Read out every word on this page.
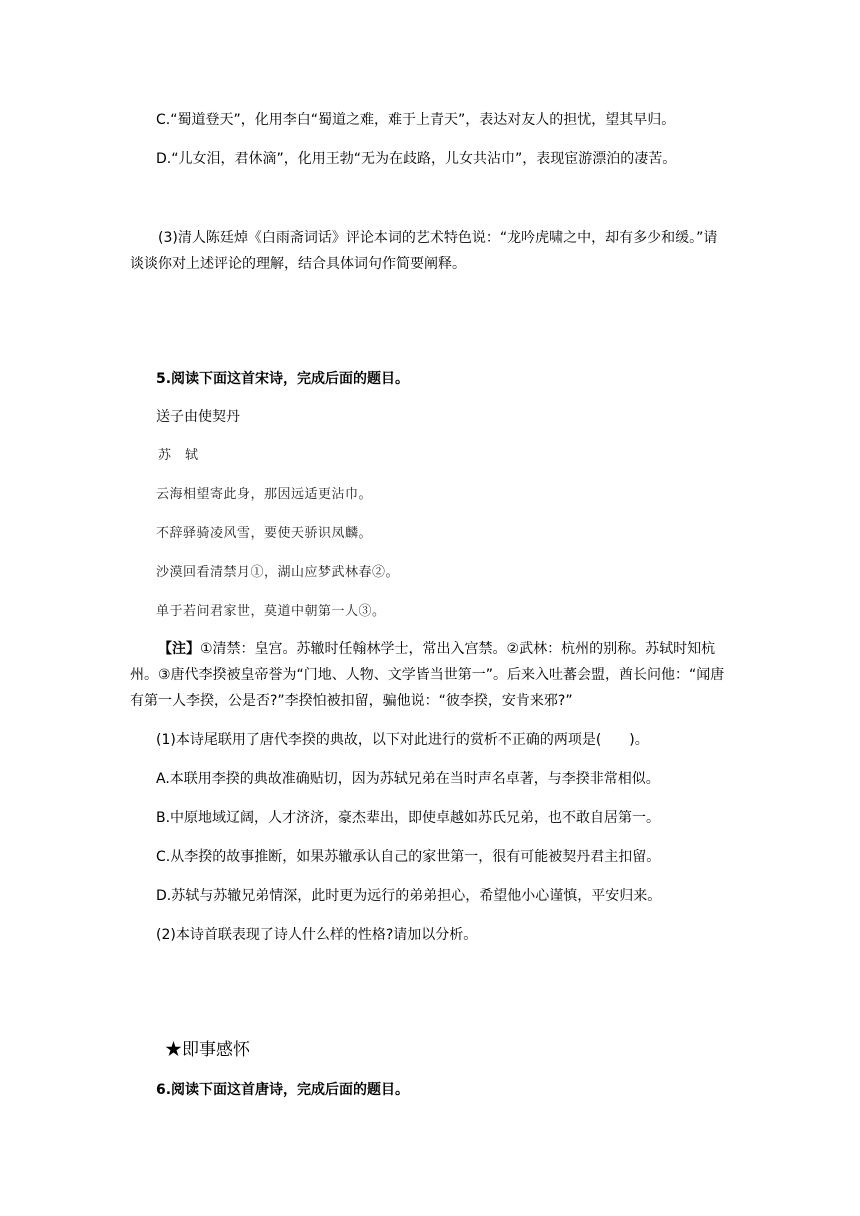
C.“蜀道登天”，化用李白“蜀道之难，难于上青天”，表达对友人的担忧，望其早归。
D.“儿女泪，君休滴”，化用王勃“无为在歧路，儿女共沾巾”，表现宦游漂泊的凄苦。
(3)清人陈廷焯《白雨斋词话》评论本词的艺术特色说：“龙吟虎啸之中，却有多少和缓。”请谈谈你对上述评论的理解，结合具体词句作简要阐释。
5.阅读下面这首宋诗，完成后面的题目。
送子由使契丹
苏　轼
云海相望寄此身，那因远适更沾巾。
不辞驿骑凌风雪，要使天骄识凤麟。
沙漠回看清禁月①，湖山应梦武林春②。
单于若问君家世，莫道中朝第一人③。
【注】①清禁：皇宫。苏辙时任翰林学士，常出入宫禁。②武林：杭州的别称。苏轼时知杭州。③唐代李揆被皇帝誉为“门地、人物、文学皆当世第一”。后来入吐蕃会盟，酋长问他：“闻唐有第一人李揆，公是否?”李揆怕被扣留，骗他说：“彼李揆，安肯来邪?”
(1)本诗尾联用了唐代李揆的典故，以下对此进行的赏析不正确的两项是(　　)。
A.本联用李揆的典故准确贴切，因为苏轼兄弟在当时声名卓著，与李揆非常相似。
B.中原地域辽阔，人才济济，豪杰辈出，即使卓越如苏氏兄弟，也不敢自居第一。
C.从李揆的故事推断，如果苏辙承认自己的家世第一，很有可能被契丹君主扣留。
D.苏轼与苏辙兄弟情深，此时更为远行的弟弟担心，希望他小心谨慎，平安归来。
(2)本诗首联表现了诗人什么样的性格?请加以分析。
★即事感怀
6.阅读下面这首唐诗，完成后面的题目。
